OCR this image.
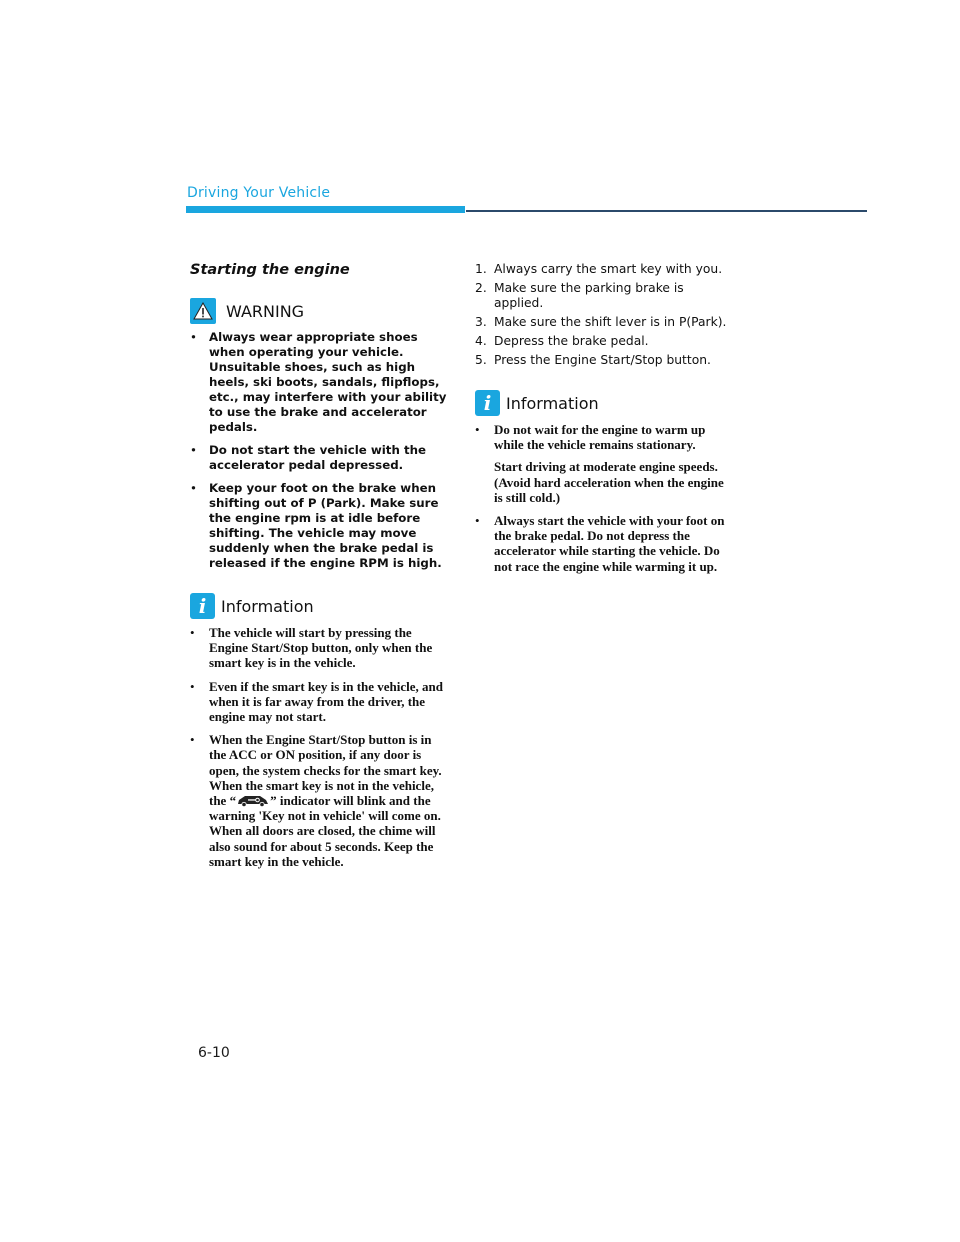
Driving Your Vehicle
Starting the engine
WARNING
• Always wear appropriate shoes when operating your vehicle. Unsuitable shoes, such as high heels, ski boots, sandals, flipflops, etc., may interfere with your ability to use the brake and accelerator pedals.
• Do not start the vehicle with the accelerator pedal depressed.
• Keep your foot on the brake when shifting out of P (Park). Make sure the engine rpm is at idle before shifting. The vehicle may move suddenly when the brake pedal is released if the engine RPM is high.
i Information
• The vehicle will start by pressing the Engine Start/Stop button, only when the smart key is in the vehicle.
• Even if the smart key is in the vehicle, and when it is far away from the driver, the engine may not start.
• When the Engine Start/Stop button is in the ACC or ON position, if any door is open, the system checks for the smart key. When the smart key is not in the vehicle, the “	” indicator will blink and the warning 'Key not in vehicle' will come on. When all doors are closed, the chime will also sound for about 5 seconds. Keep the smart key in the vehicle.
1. Always carry the smart key with you.
2. Make sure the parking brake is applied.
3. Make sure the shift lever is in P(Park).
4. Depress the brake pedal.
5. Press the Engine Start/Stop button.
i Information
• Do not wait for the engine to warm up while the vehicle remains stationary.
Start driving at moderate engine speeds. (Avoid hard acceleration when the engine is still cold.)
• Always start the vehicle with your foot on the brake pedal. Do not depress the accelerator while starting the vehicle. Do not race the engine while warming it up.
6-10
